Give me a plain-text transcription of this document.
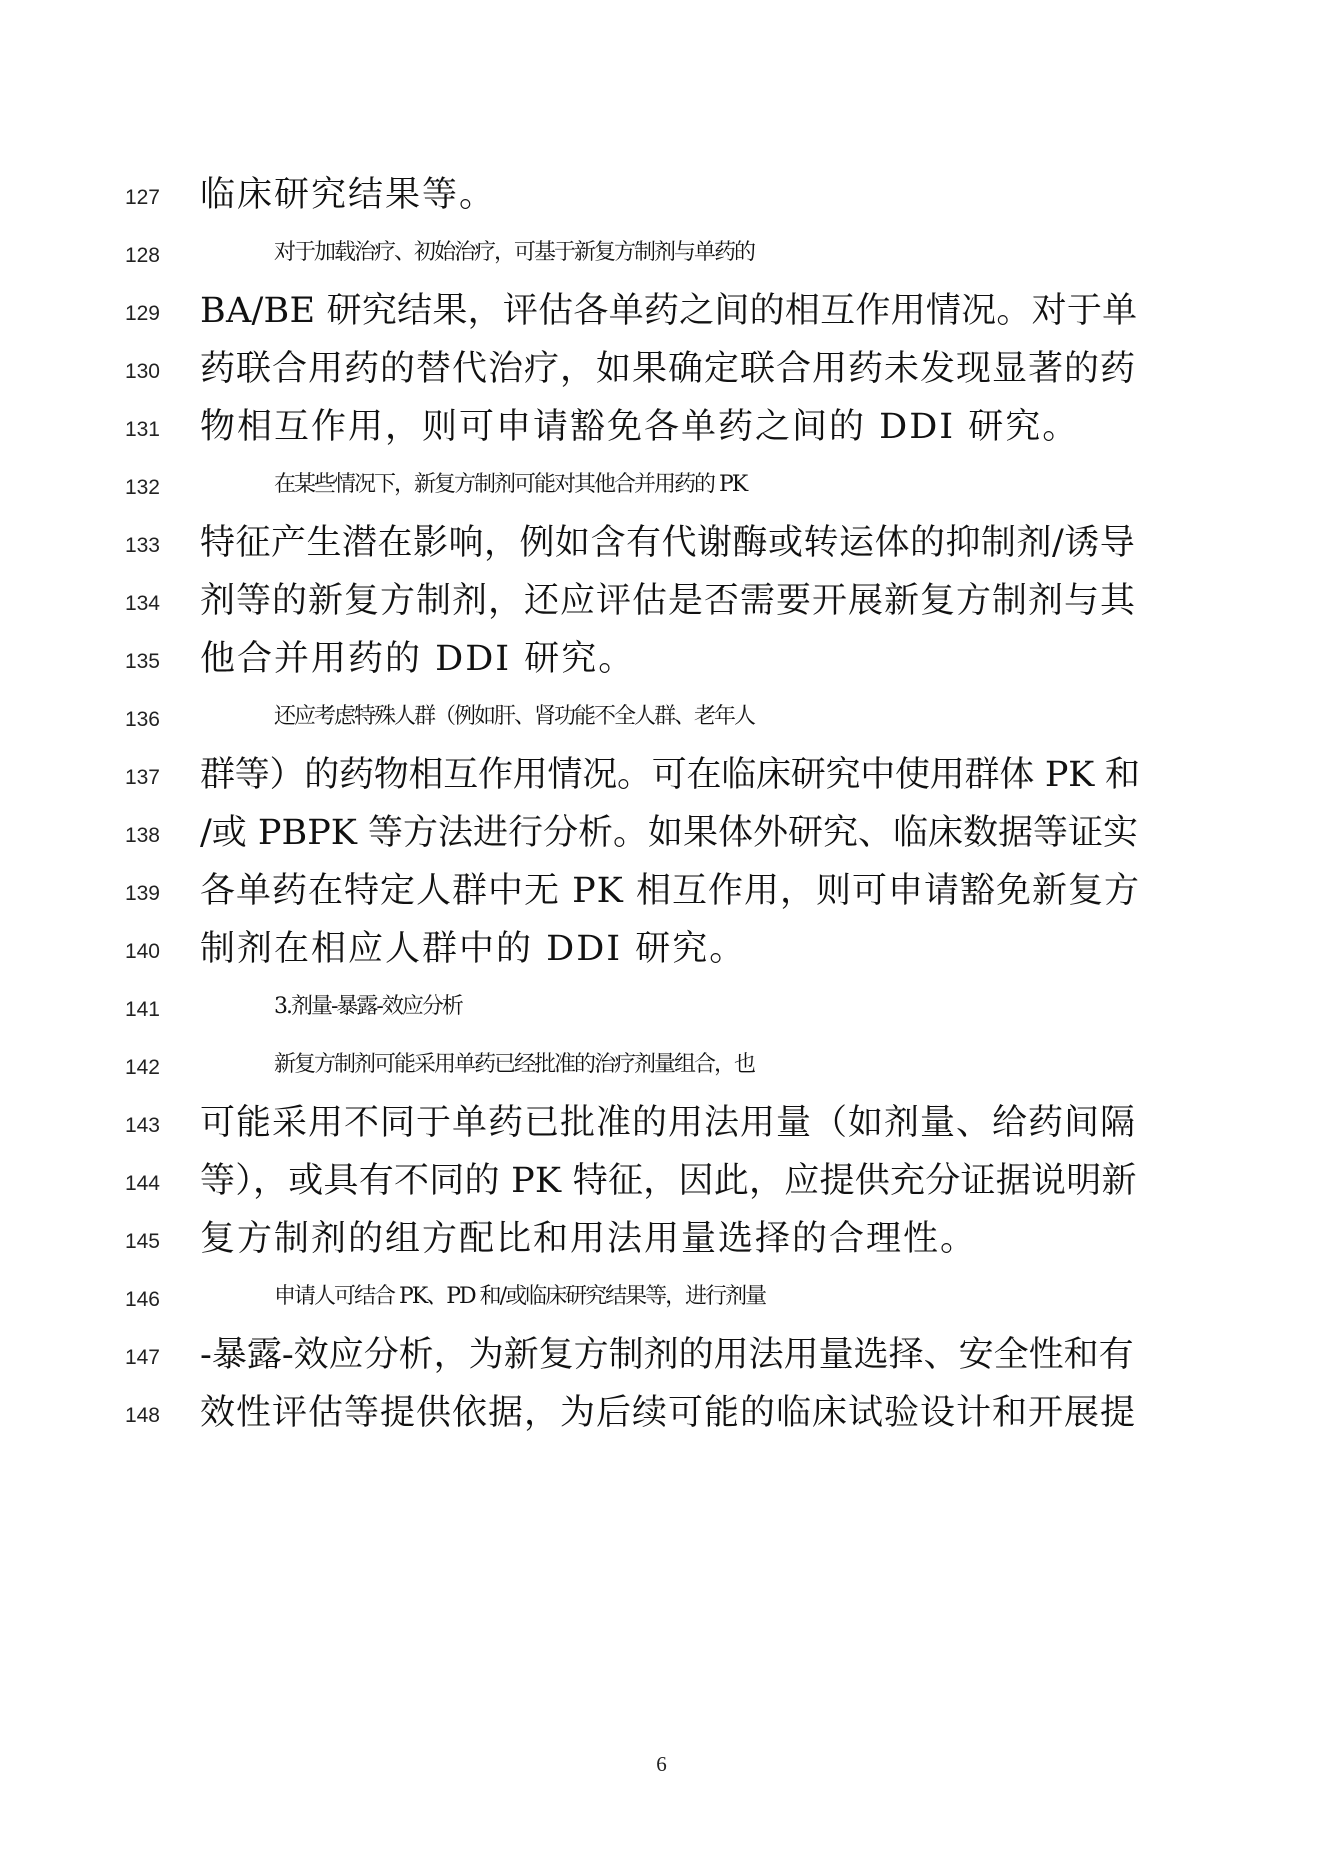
127 临床研究结果等。
128	对于加载治疗、初始治疗，可基于新复方制剂与单药的
129 BA/BE 研究结果，评估各单药之间的相互作用情况。对于单
130 药联合用药的替代治疗，如果确定联合用药未发现显著的药
131 物相互作用，则可申请豁免各单药之间的 DDI 研究。
132	在某些情况下，新复方制剂可能对其他合并用药的 PK
133 特征产生潜在影响，例如含有代谢酶或转运体的抑制剂/诱导
134 剂等的新复方制剂，还应评估是否需要开展新复方制剂与其
135 他合并用药的 DDI 研究。
136	还应考虑特殊人群（例如肝、肾功能不全人群、老年人
137 群等）的药物相互作用情况。可在临床研究中使用群体 PK 和
138 /或 PBPK 等方法进行分析。如果体外研究、临床数据等证实
139 各单药在特定人群中无 PK 相互作用，则可申请豁免新复方
140 制剂在相应人群中的 DDI 研究。
141	3.剂量-暴露-效应分析
142	新复方制剂可能采用单药已经批准的治疗剂量组合，也
143 可能采用不同于单药已批准的用法用量（如剂量、给药间隔
144 等），或具有不同的 PK 特征，因此，应提供充分证据说明新
145 复方制剂的组方配比和用法用量选择的合理性。
146	申请人可结合 PK、PD 和/或临床研究结果等，进行剂量
147 -暴露-效应分析，为新复方制剂的用法用量选择、安全性和有
148 效性评估等提供依据，为后续可能的临床试验设计和开展提
6
